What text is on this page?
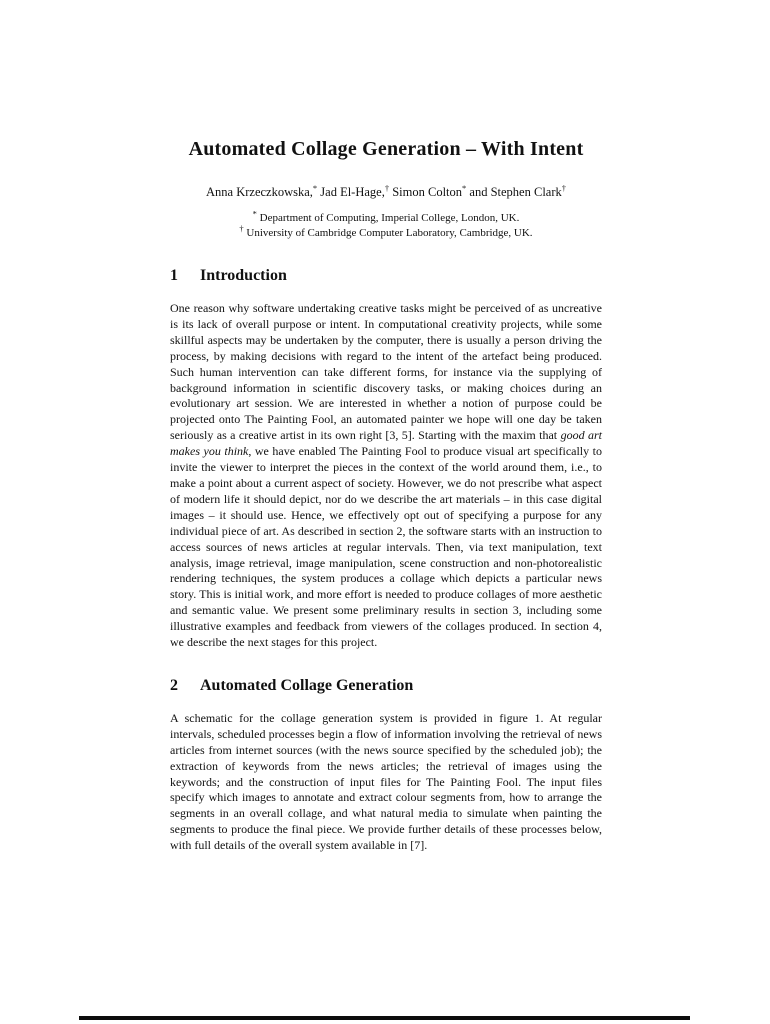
Automated Collage Generation – With Intent
Anna Krzeczkowska,* Jad El-Hage,† Simon Colton* and Stephen Clark†
* Department of Computing, Imperial College, London, UK.
† University of Cambridge Computer Laboratory, Cambridge, UK.
1 Introduction

One reason why software undertaking creative tasks might be perceived of as uncreative is its lack of overall purpose or intent. In computational creativity projects, while some skillful aspects may be undertaken by the computer, there is usually a person driving the process, by making decisions with regard to the intent of the artefact being produced. Such human intervention can take different forms, for instance via the supplying of background information in scientific discovery tasks, or making choices during an evolutionary art session. We are interested in whether a notion of purpose could be projected onto The Painting Fool, an automated painter we hope will one day be taken seriously as a creative artist in its own right [3, 5]. Starting with the maxim that good art makes you think, we have enabled The Painting Fool to produce visual art specifically to invite the viewer to interpret the pieces in the context of the world around them, i.e., to make a point about a current aspect of society. However, we do not prescribe what aspect of modern life it should depict, nor do we describe the art materials – in this case digital images – it should use. Hence, we effectively opt out of specifying a purpose for any individual piece of art. As described in section 2, the software starts with an instruction to access sources of news articles at regular intervals. Then, via text manipulation, text analysis, image retrieval, image manipulation, scene construction and non-photorealistic rendering techniques, the system produces a collage which depicts a particular news story. This is initial work, and more effort is needed to produce collages of more aesthetic and semantic value. We present some preliminary results in section 3, including some illustrative examples and feedback from viewers of the collages produced. In section 4, we describe the next stages for this project.

2 Automated Collage Generation

A schematic for the collage generation system is provided in figure 1. At regular intervals, scheduled processes begin a flow of information involving the retrieval of news articles from internet sources (with the news source specified by the scheduled job); the extraction of keywords from the news articles; the retrieval of images using the keywords; and the construction of input files for The Painting Fool. The input files specify which images to annotate and extract colour segments from, how to arrange the segments in an overall collage, and what natural media to simulate when painting the segments to produce the final piece. We provide further details of these processes below, with full details of the overall system available in [7].
